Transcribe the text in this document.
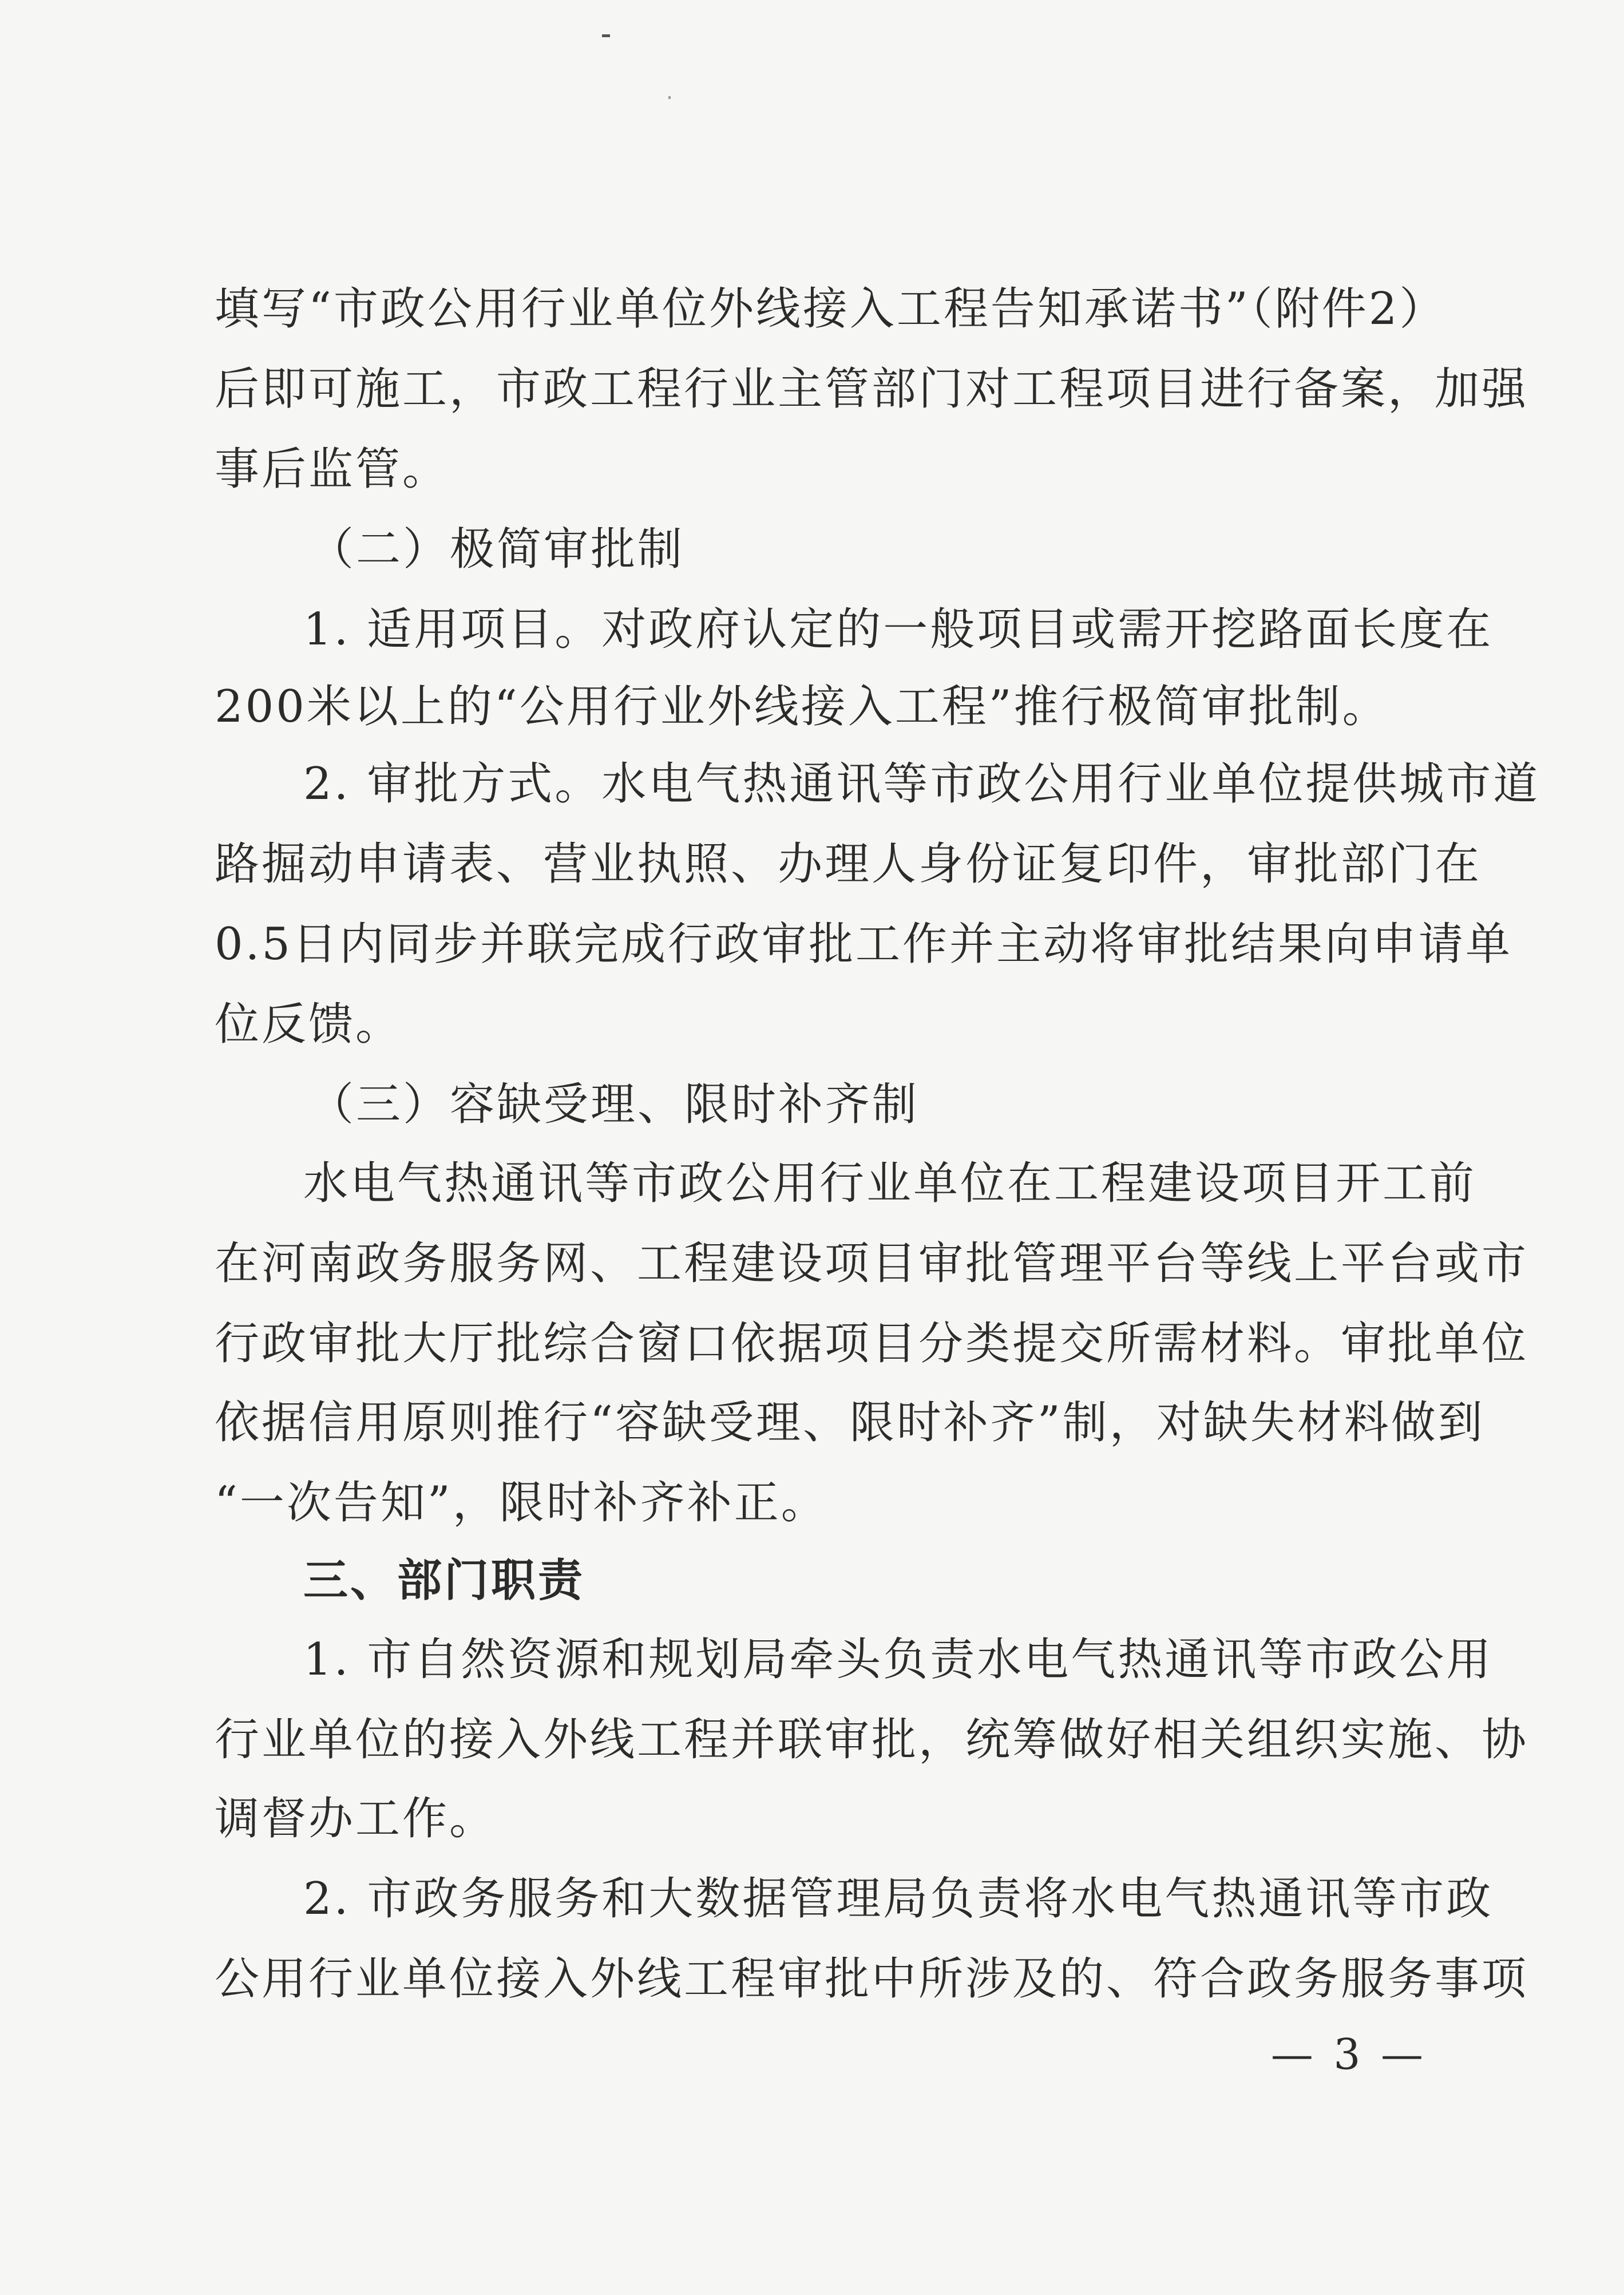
填写“市政公用行业单位外线接入工程告知承诺书”（附件2）
后即可施工，市政工程行业主管部门对工程项目进行备案，加强
事后监管。
（二）极简审批制
1. 适用项目。对政府认定的一般项目或需开挖路面长度在
200米以上的“公用行业外线接入工程”推行极简审批制。
2. 审批方式。水电气热通讯等市政公用行业单位提供城市道
路掘动申请表、营业执照、办理人身份证复印件，审批部门在
0.5日内同步并联完成行政审批工作并主动将审批结果向申请单
位反馈。
（三）容缺受理、限时补齐制
水电气热通讯等市政公用行业单位在工程建设项目开工前
在河南政务服务网、工程建设项目审批管理平台等线上平台或市
行政审批大厅批综合窗口依据项目分类提交所需材料。审批单位
依据信用原则推行“容缺受理、限时补齐”制，对缺失材料做到
“一次告知”，限时补齐补正。
三、部门职责
1. 市自然资源和规划局牵头负责水电气热通讯等市政公用
行业单位的接入外线工程并联审批，统筹做好相关组织实施、协
调督办工作。
2. 市政务服务和大数据管理局负责将水电气热通讯等市政
公用行业单位接入外线工程审批中所涉及的、符合政务服务事项
— 3 —
